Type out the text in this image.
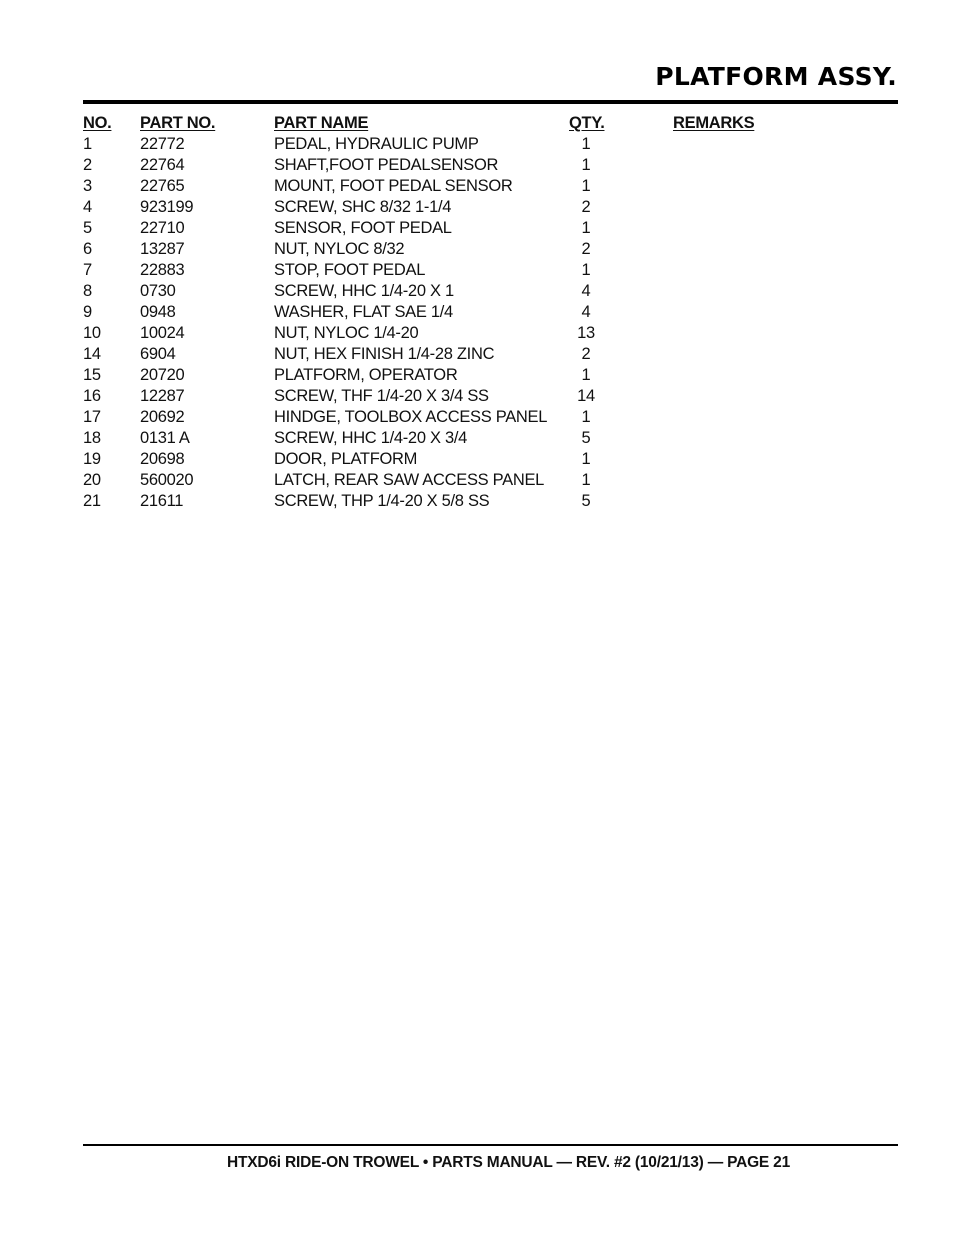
PLATFORM ASSY.
NO.	PART NO.	PART NAME	QTY.	REMARKS
1	22772	PEDAL, HYDRAULIC PUMP	1	
2	22764	SHAFT,FOOT PEDALSENSOR	1	
3	22765	MOUNT, FOOT PEDAL SENSOR	1	
4	923199	SCREW, SHC 8/32 1-1/4	2	
5	22710	SENSOR, FOOT PEDAL	1	
6	13287	NUT, NYLOC 8/32	2	
7	22883	STOP, FOOT PEDAL	1	
8	0730	SCREW, HHC 1/4-20 X 1	4	
9	0948	WASHER, FLAT SAE 1/4	4	
10	10024	NUT, NYLOC 1/4-20	13	
14	6904	NUT, HEX FINISH 1/4-28 ZINC	2	
15	20720	PLATFORM, OPERATOR	1	
16	12287	SCREW, THF 1/4-20 X 3/4 SS	14	
17	20692	HINDGE, TOOLBOX ACCESS PANEL	1	
18	0131 A	SCREW, HHC 1/4-20 X 3/4	5	
19	20698	DOOR, PLATFORM	1	
20	560020	LATCH, REAR SAW ACCESS PANEL	1	
21	21611	SCREW, THP 1/4-20 X 5/8 SS	5	
HTXD6i RIDE-ON TROWEL • PARTS MANUAL — REV. #2 (10/21/13) — PAGE 21
